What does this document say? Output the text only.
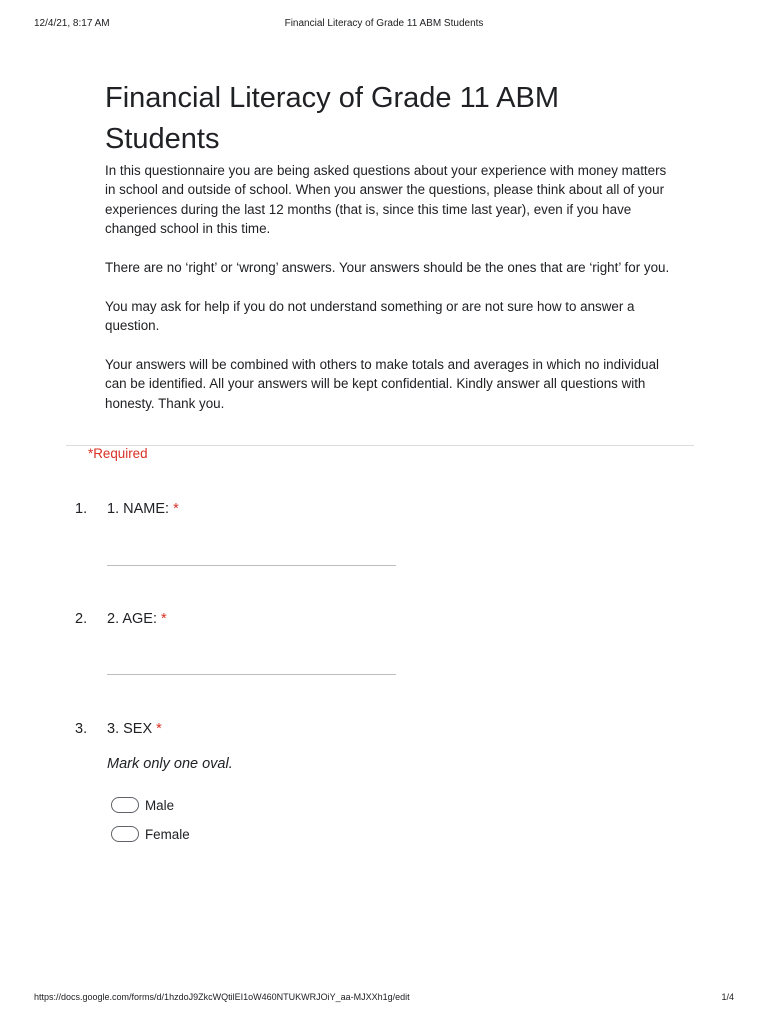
12/4/21, 8:17 AM	Financial Literacy of Grade 11 ABM Students
Financial Literacy of Grade 11 ABM Students

In this questionnaire you are being asked questions about your experience with money matters in school and outside of school. When you answer the questions, please think about all of your experiences during the last 12 months (that is, since this time last year), even if you have changed school in this time.

There are no ‘right’ or ‘wrong’ answers. Your answers should be the ones that are ‘right’ for you.

You may ask for help if you do not understand something or are not sure how to answer a question.

Your answers will be combined with others to make totals and averages in which no individual can be identified. All your answers will be kept confidential. Kindly answer all questions with honesty. Thank you.

*Required
1. 1. NAME: *
2. 2. AGE: *
3. 3. SEX *
Mark only one oval.
Male
Female
https://docs.google.com/forms/d/1hzdoJ9ZkcWQtilEI1oW460NTUKWRJOiY_aa-MJXXh1g/edit	1/4
